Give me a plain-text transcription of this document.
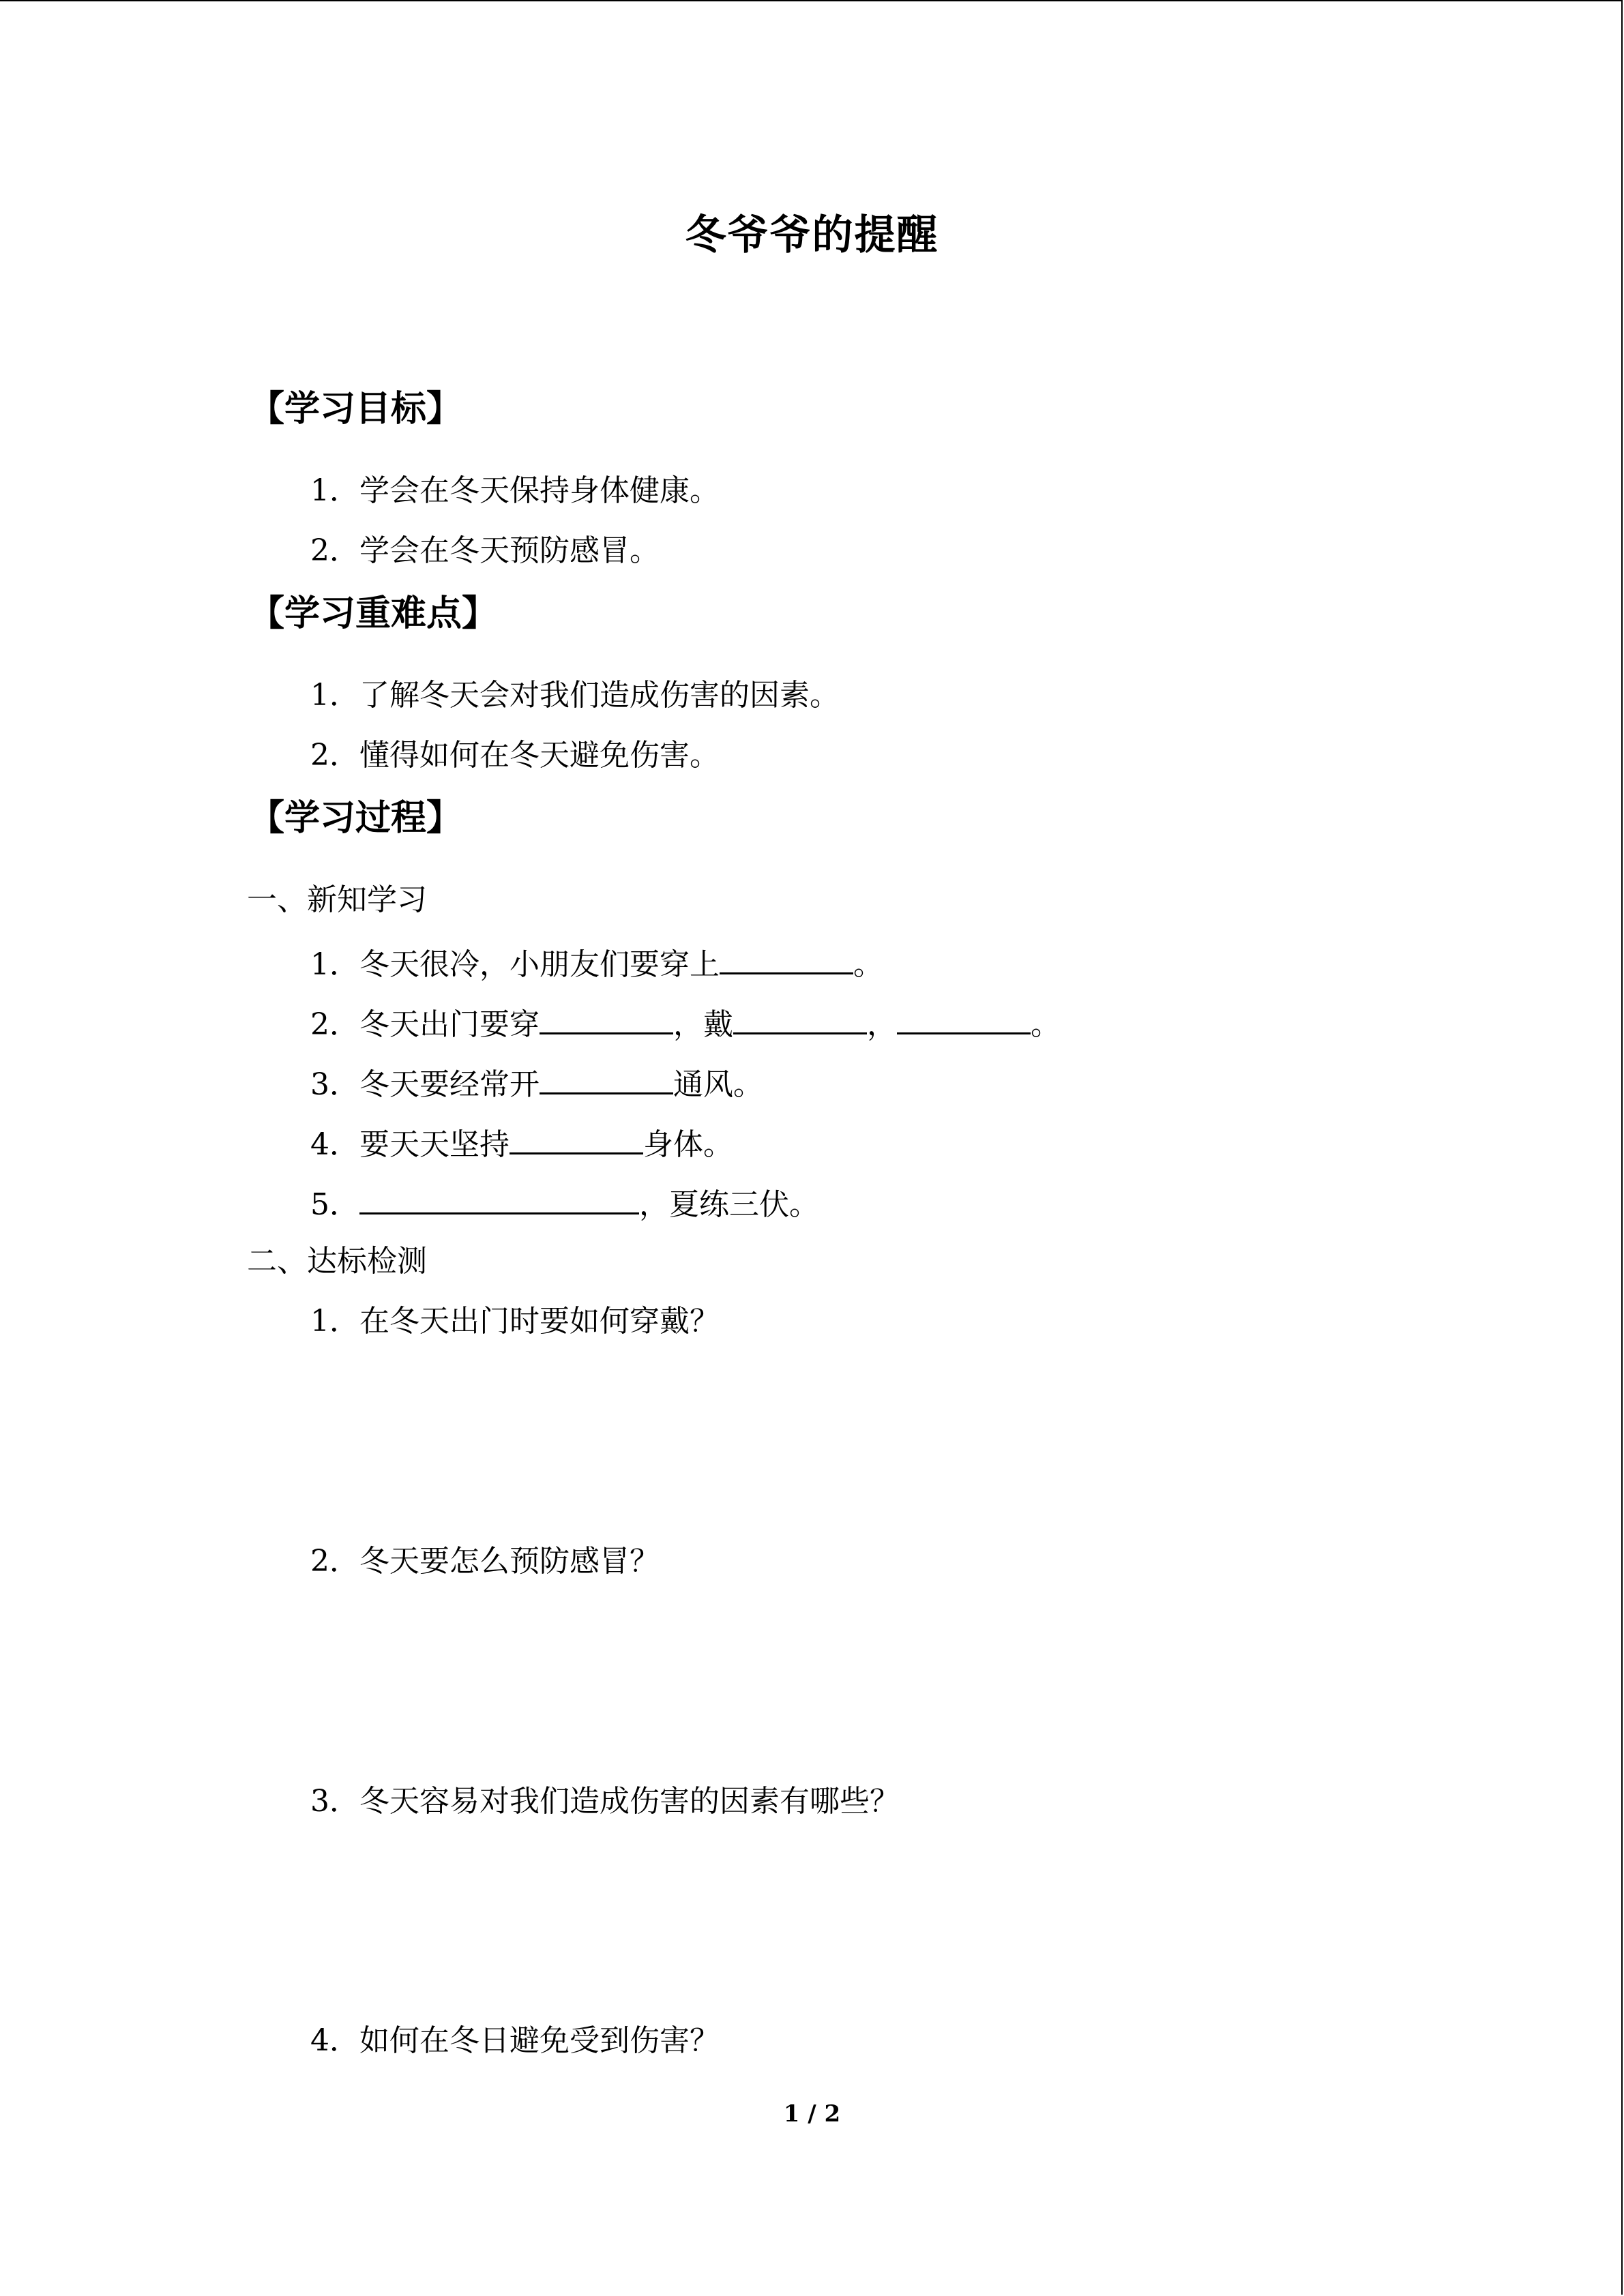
冬爷爷的提醒
【学习目标】
1．学会在冬天保持身体健康。
2．学会在冬天预防感冒。
【学习重难点】
1．了解冬天会对我们造成伤害的因素。
2．懂得如何在冬天避免伤害。
【学习过程】
一、新知学习
1．冬天很冷，小朋友们要穿上	。
2．冬天出门要穿	，戴	，	。
3．冬天要经常开	通风。
4．要天天坚持	身体。
5．	，夏练三伏。
二、达标检测
1．在冬天出门时要如何穿戴？
2．冬天要怎么预防感冒？
3．冬天容易对我们造成伤害的因素有哪些？
4．如何在冬日避免受到伤害？
1 / 2
